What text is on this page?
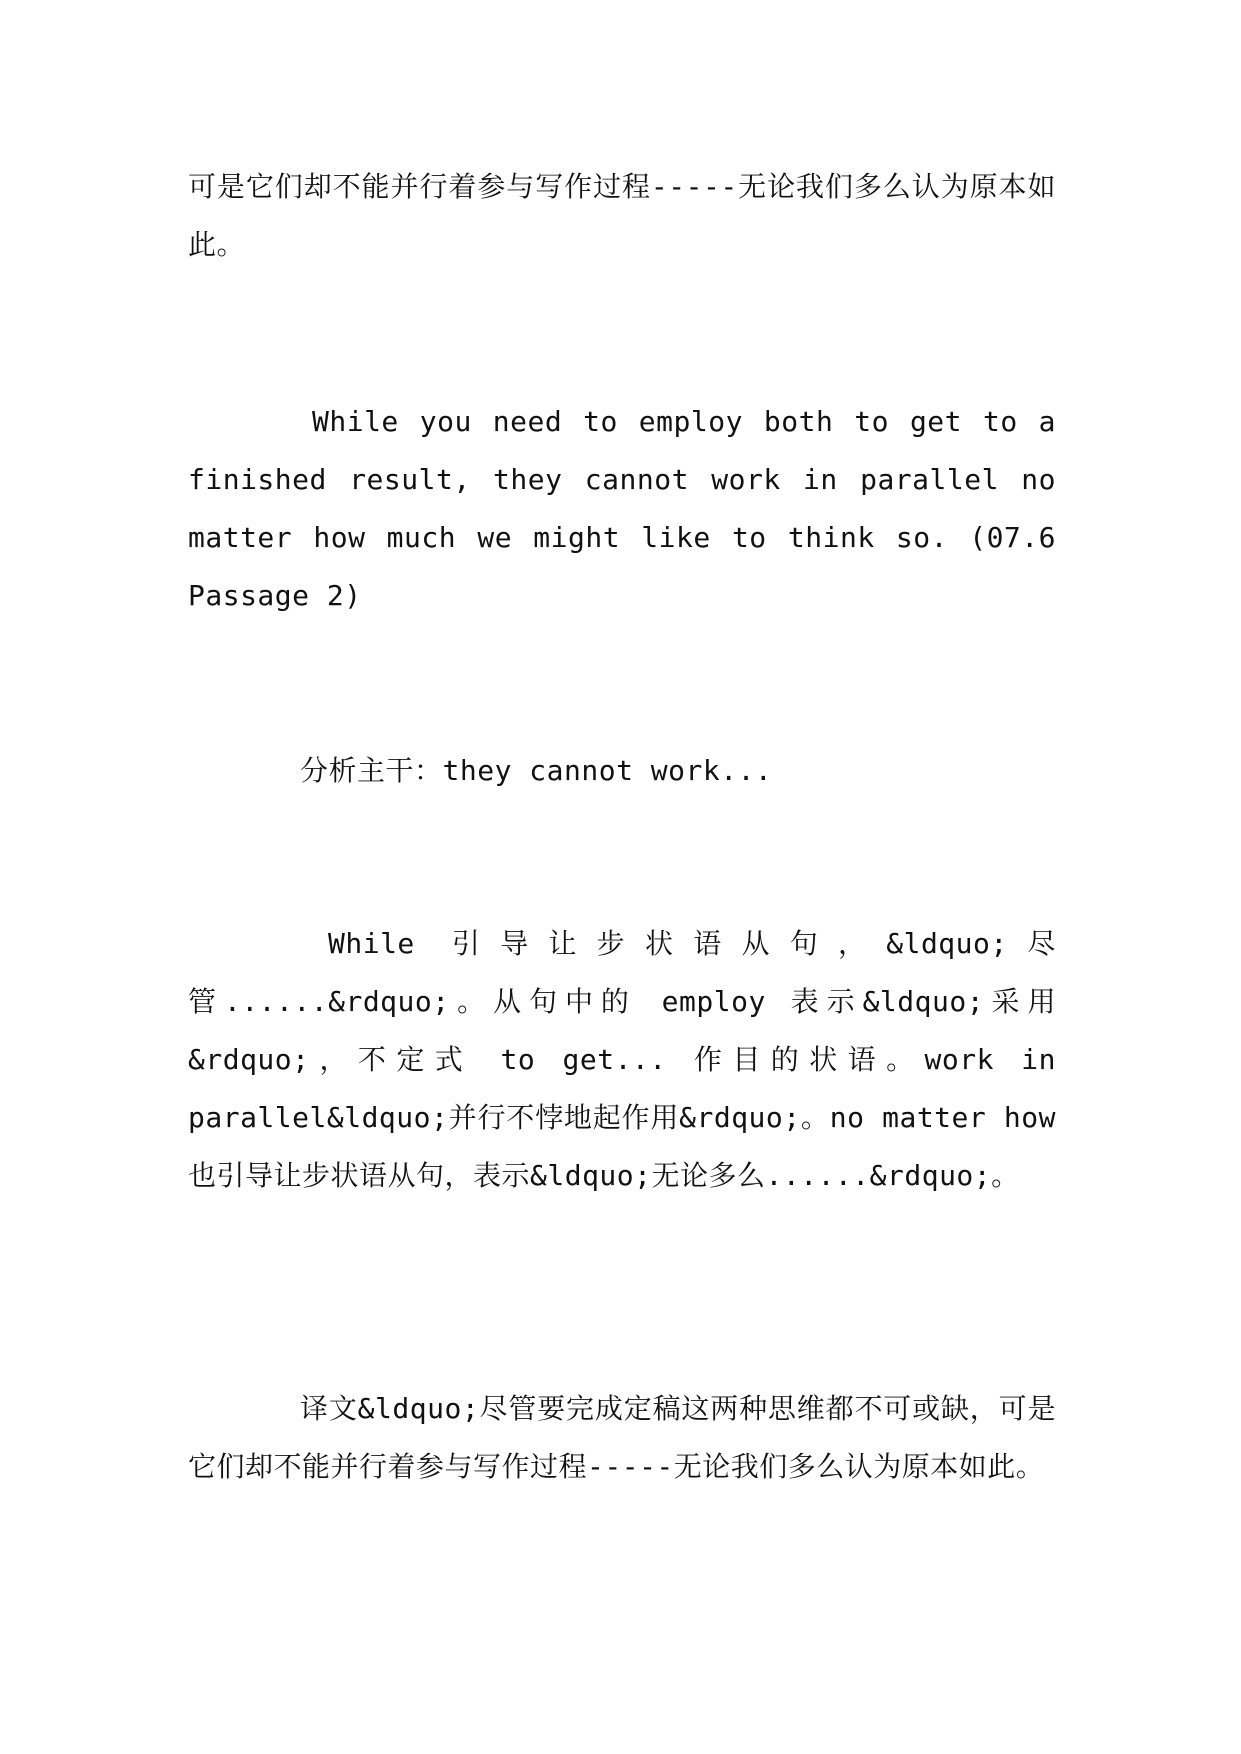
可是它们却不能并行着参与写作过程-----无论我们多么认为原本如此。

While you need to employ both to get to a finished result, they cannot work in parallel no matter how much we might like to think so. (07.6 Passage 2)

分析主干：they cannot work...

While 引导让步状语从句，&ldquo;尽管......&rdquo;。从句中的 employ 表示&ldquo;采用&rdquo;，不定式 to get... 作目的状语。work in parallel&ldquo;并行不悖地起作用&rdquo;。no matter how 也引导让步状语从句，表示&ldquo;无论多么......&rdquo;。

译文&ldquo;尽管要完成定稿这两种思维都不可或缺，可是它们却不能并行着参与写作过程-----无论我们多么认为原本如此。
